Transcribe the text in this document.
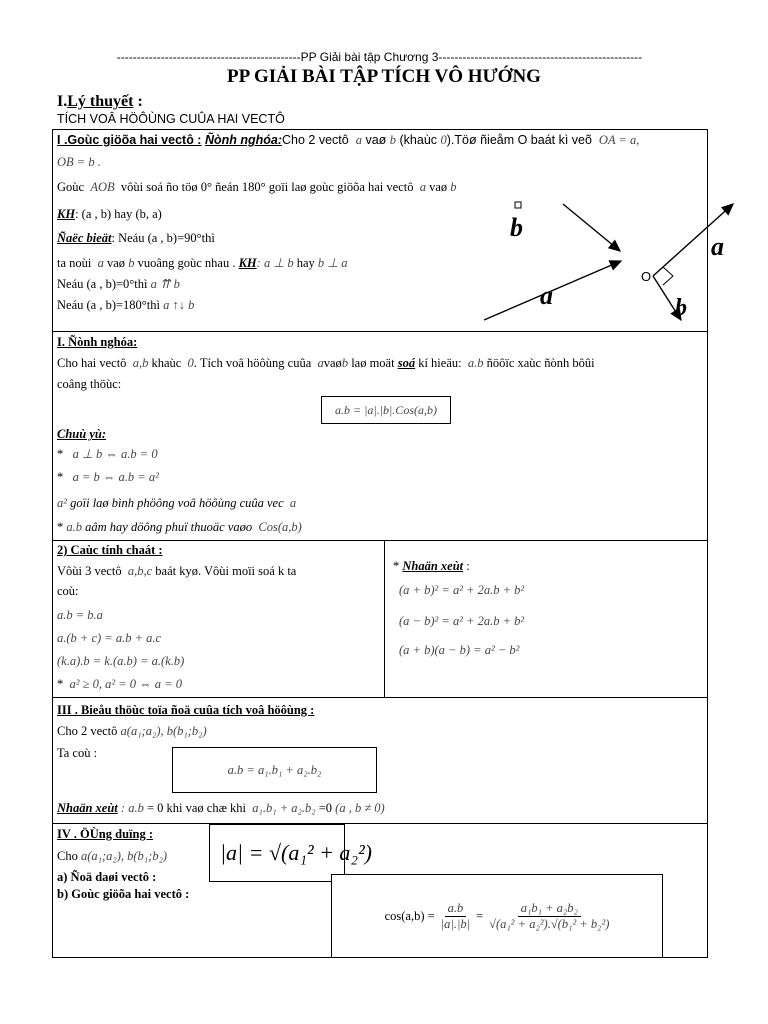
----------------------------------------------PP Giải bài tập Chương 3---------------------------------------------------
PP GIẢI BÀI TẬP TÍCH VÔ HƯỚNG
I.Lý thuyết :
TÍCH VOÂ HÖÔÙNG CUÛA HAI VECTÔ
I .Goùc giöõa hai vectô : Ñònh nghóa:Cho 2 vectô a vaø b (khaùc 0).Töø ñieåm O baát kì veõ OA = a,
OB = b .
Goùc AOB vôùi soá ño töø 0° ñeán 180° goïi laø goùc giöõa hai vectô a vaø b
KH: (a , b) hay (b, a)
Ñaëc bieät: Neáu (a , b)=90°thì
ta noùi a vaø b vuoâng goùc nhau . KH: a ⊥ b hay b ⊥ a
Neáu (a , b)=0°thì a ⇈ b
Neáu (a , b)=180°thì a ↑↓ b
b
a
a
O
b
I. Ñònh nghóa:
Cho hai vectô a,b khaùc 0. Tích voâ höôùng cuûa avaøb laø moät soá kí hieäu: a.b ñöôïc xaùc ñònh bôûi
coâng thöùc:
a.b = |a|.|b|.Cos(a,b)
Chuù yù:
*   a ⊥ b ⇔ a.b = 0
*   a = b ⇔ a.b = a²
a² goïi laø bình phöông voâ höôùng cuûa vec a
* a.b aâm hay döông phuï thuoäc vaøo Cos(a,b)
2) Caùc tính chaát :
Vôùi 3 vectô a,b,c baát kyø. Vôùi moïi soá k ta
coù:
a.b = b.a
a.(b + c) = a.b + a.c
(k.a).b = k.(a.b) = a.(k.b)
*  a² ≥ 0, a² = 0 ⇔ a = 0
* Nhaän xeùt :
(a + b)² = a² + 2a.b + b²
(a − b)² = a² + 2a.b + b²
(a + b)(a − b) = a² − b²
III . Bieåu thöùc toïa ñoä cuûa tích voâ höôùng :
Cho 2 vectô a(a₁;a₂), b(b₁;b₂)
Ta coù :
a.b = a₁.b₁ + a₂.b₂
Nhaän xeùt : a.b = 0 khi vaø chæ khi a₁.b₁ + a₂.b₂ =0 (a , b ≠ 0)
IV . ÖÙng duïng :
Cho a(a₁;a₂), b(b₁;b₂)
a) Ñoä daøi vectô :
b) Goùc giöõa hai vectô :
|a| = √(a₁² + a₂²)
$\cos(a,b) = \frac{a.b}{|a|.|b|} = \frac{\text{a₁b₁ + a₂b₂}}{\text{√(a₁² + a₂²).√(b₁² + b₂²)}}$
